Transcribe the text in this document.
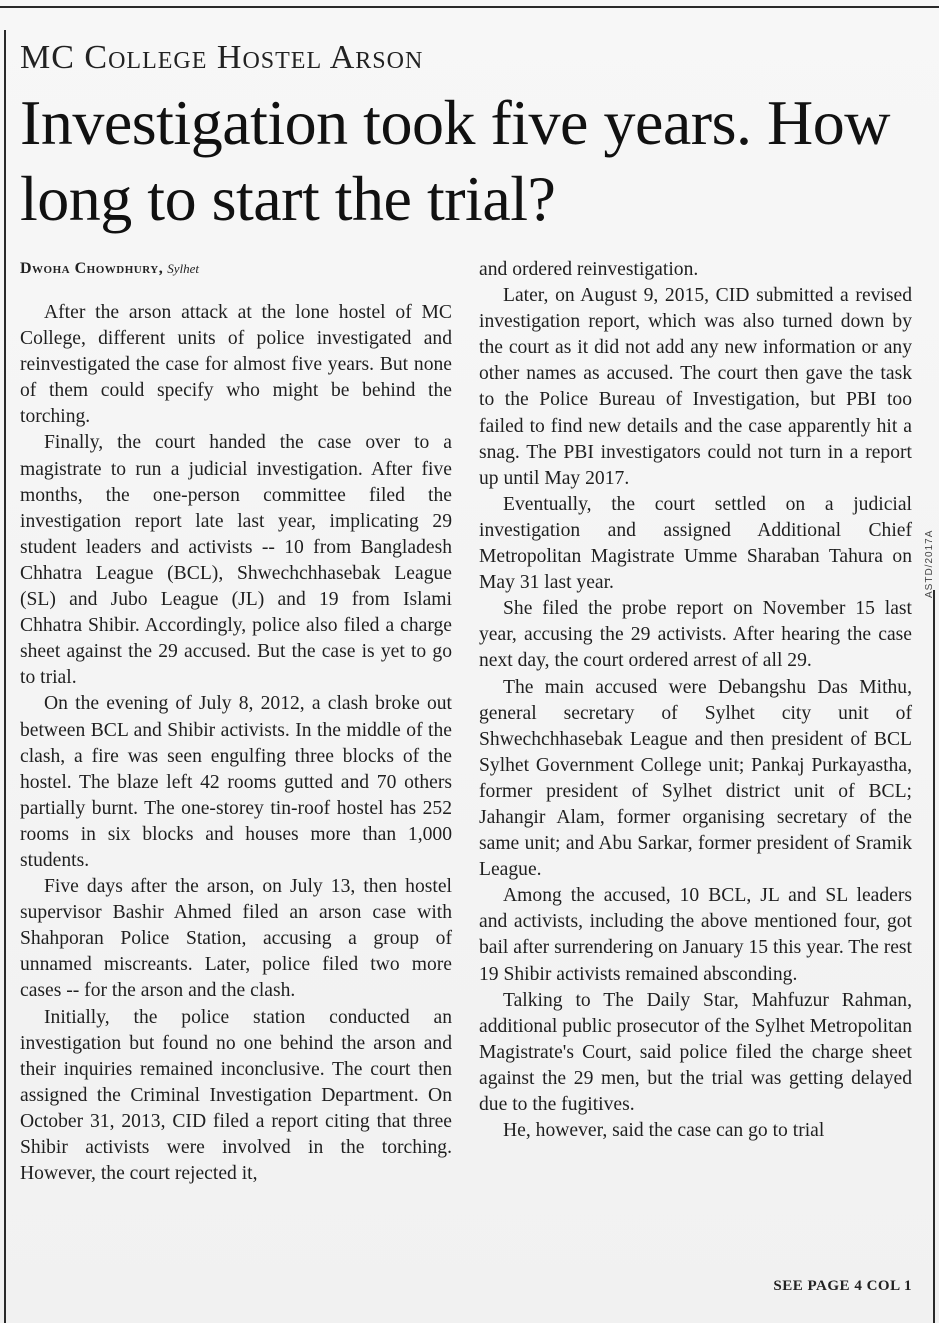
ASTD/2017A
MC College Hostel Arson
Investigation took five years. How long to start the trial?
Dwoha Chowdhury, Sylhet

After the arson attack at the lone hostel of MC College, different units of police investigated and reinvestigated the case for almost five years. But none of them could specify who might be behind the torching.

Finally, the court handed the case over to a magistrate to run a judicial investigation. After five months, the one-person committee filed the investigation report late last year, implicating 29 student leaders and activists -- 10 from Bangladesh Chhatra League (BCL), Shwechchhasebak League (SL) and Jubo League (JL) and 19 from Islami Chhatra Shibir. Accordingly, police also filed a charge sheet against the 29 accused. But the case is yet to go to trial.

On the evening of July 8, 2012, a clash broke out between BCL and Shibir activists. In the middle of the clash, a fire was seen engulfing three blocks of the hostel. The blaze left 42 rooms gutted and 70 others partially burnt. The one-storey tin-roof hostel has 252 rooms in six blocks and houses more than 1,000 students.

Five days after the arson, on July 13, then hostel supervisor Bashir Ahmed filed an arson case with Shahporan Police Station, accusing a group of unnamed miscreants. Later, police filed two more cases -- for the arson and the clash.

Initially, the police station conducted an investigation but found no one behind the arson and their inquiries remained inconclusive. The court then assigned the Criminal Investigation Department. On October 31, 2013, CID filed a report citing that three Shibir activists were involved in the torching. However, the court rejected it,

and ordered reinvestigation.

Later, on August 9, 2015, CID submitted a revised investigation report, which was also turned down by the court as it did not add any new information or any other names as accused. The court then gave the task to the Police Bureau of Investigation, but PBI too failed to find new details and the case apparently hit a snag. The PBI investigators could not turn in a report up until May 2017.

Eventually, the court settled on a judicial investigation and assigned Additional Chief Metropolitan Magistrate Umme Sharaban Tahura on May 31 last year.

She filed the probe report on November 15 last year, accusing the 29 activists. After hearing the case next day, the court ordered arrest of all 29.

The main accused were Debangshu Das Mithu, general secretary of Sylhet city unit of Shwechchhasebak League and then president of BCL Sylhet Government College unit; Pankaj Purkayastha, former president of Sylhet district unit of BCL; Jahangir Alam, former organising secretary of the same unit; and Abu Sarkar, former president of Sramik League.

Among the accused, 10 BCL, JL and SL leaders and activists, including the above mentioned four, got bail after surrendering on January 15 this year. The rest 19 Shibir activists remained absconding.

Talking to The Daily Star, Mahfuzur Rahman, additional public prosecutor of the Sylhet Metropolitan Magistrate's Court, said police filed the charge sheet against the 29 men, but the trial was getting delayed due to the fugitives.

He, however, said the case can go to trial

SEE PAGE 4 COL 1
